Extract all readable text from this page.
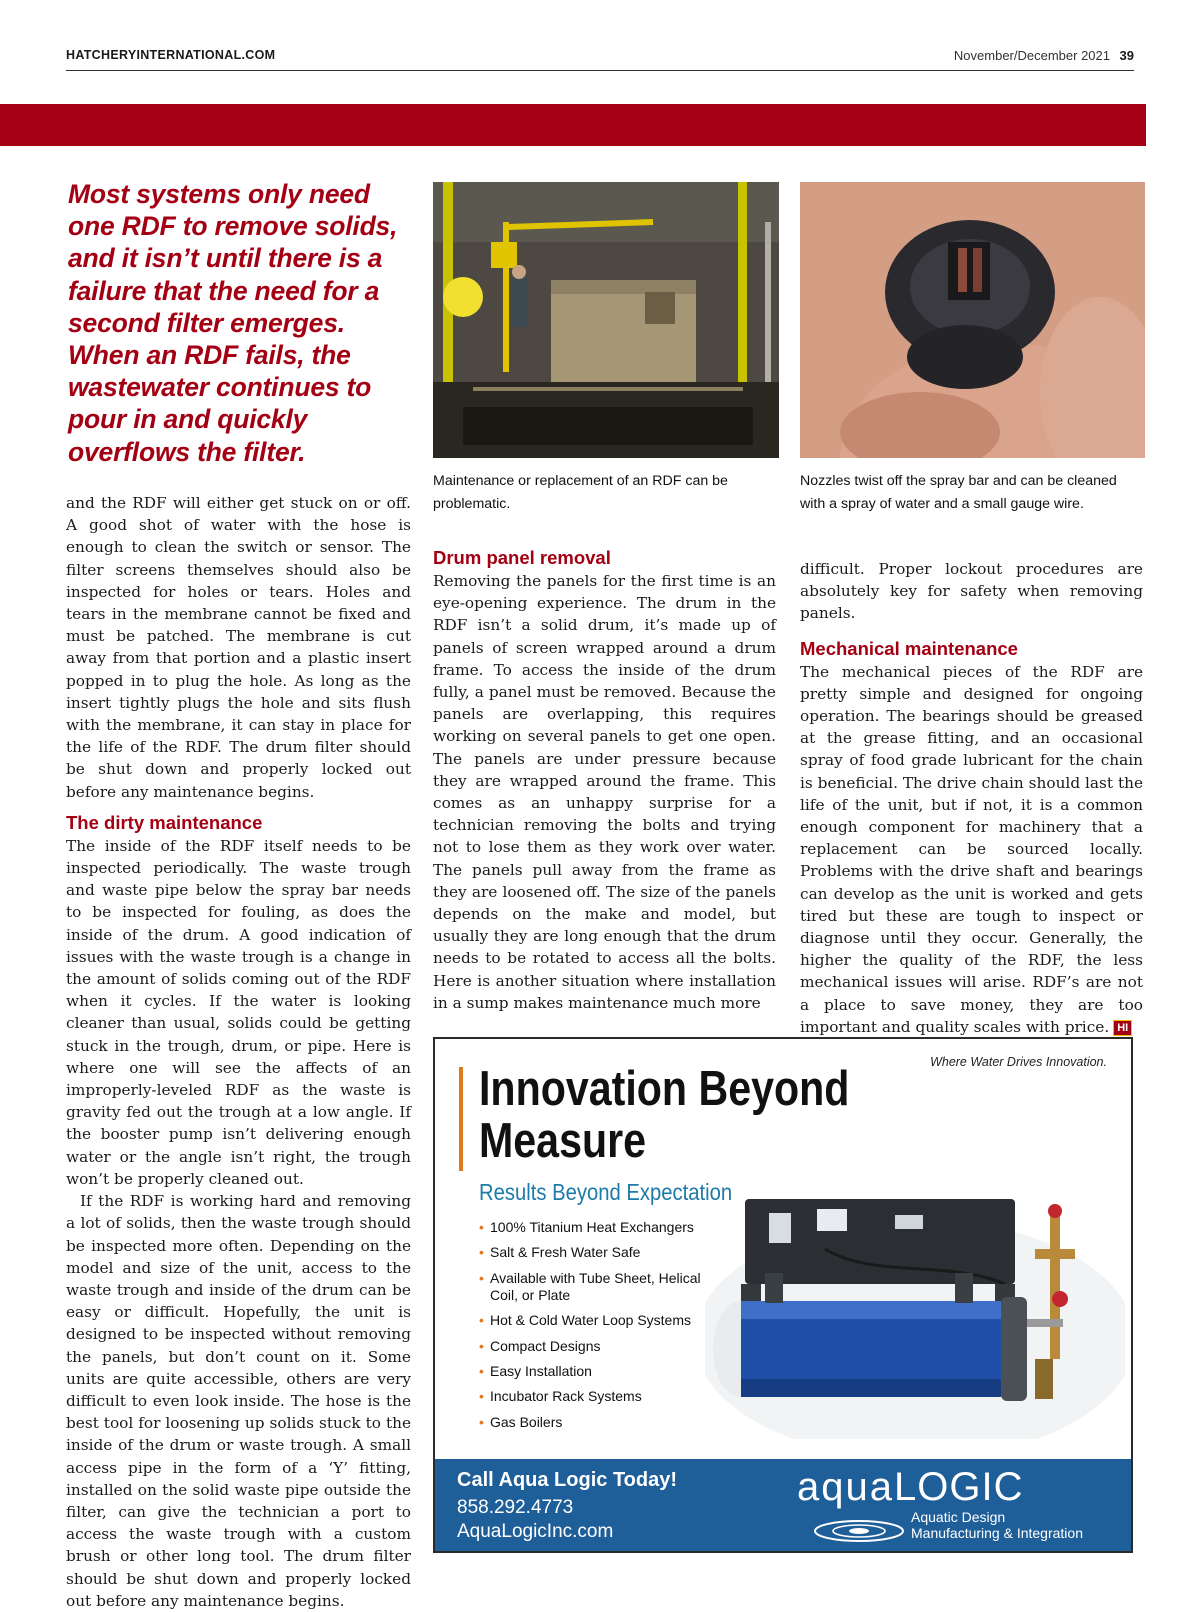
HATCHERYINTERNATIONAL.COM	November/December 2021 39
Most systems only need one RDF to remove solids, and it isn’t until there is a failure that the need for a second filter emerges. When an RDF fails, the wastewater continues to pour in and quickly overflows the filter.
Maintenance or replacement of an RDF can be problematic.
Nozzles twist off the spray bar and can be cleaned with a spray of water and a small gauge wire.

and the RDF will either get stuck on or off. A good shot of water with the hose is enough to clean the switch or sensor. The filter screens themselves should also be inspected for holes or tears. Holes and tears in the membrane cannot be fixed and must be patched. The membrane is cut away from that portion and a plastic insert popped in to plug the hole. As long as the insert tightly plugs the hole and sits flush with the membrane, it can stay in place for the life of the RDF. The drum filter should be shut down and properly locked out before any maintenance begins.

The dirty maintenance

The inside of the RDF itself needs to be inspected periodically. The waste trough and waste pipe below the spray bar needs to be inspected for fouling, as does the inside of the drum. A good indication of issues with the waste trough is a change in the amount of solids coming out of the RDF when it cycles. If the water is looking cleaner than usual, solids could be getting stuck in the trough, drum, or pipe. Here is where one will see the affects of an improperly-leveled RDF as the waste is gravity fed out the trough at a low angle. If the booster pump isn’t delivering enough water or the angle isn’t right, the trough won’t be properly cleaned out.

If the RDF is working hard and removing a lot of solids, then the waste trough should be inspected more often. Depending on the model and size of the unit, access to the waste trough and inside of the drum can be easy or difficult. Hopefully, the unit is designed to be inspected without removing the panels, but don’t count on it. Some units are quite accessible, others are very difficult to even look inside. The hose is the best tool for loosening up solids stuck to the inside of the drum or waste trough. A small access pipe in the form of a ‘Y’ fitting, installed on the solid waste pipe outside the filter, can give the technician a port to access the waste trough with a custom brush or other long tool. The drum filter should be shut down and properly locked out before any maintenance begins.

Drum panel removal

Removing the panels for the first time is an eye-opening experience. The drum in the RDF isn’t a solid drum, it’s made up of panels of screen wrapped around a drum frame. To access the inside of the drum fully, a panel must be removed. Because the panels are overlapping, this requires working on several panels to get one open. The panels are under pressure because they are wrapped around the frame. This comes as an unhappy surprise for a technician removing the bolts and trying not to lose them as they work over water. The panels pull away from the frame as they are loosened off. The size of the panels depends on the make and model, but usually they are long enough that the drum needs to be rotated to access all the bolts. Here is another situation where installation in a sump makes maintenance much more

difficult. Proper lockout procedures are absolutely key for safety when removing panels.

Mechanical maintenance

The mechanical pieces of the RDF are pretty simple and designed for ongoing operation. The bearings should be greased at the grease fitting, and an occasional spray of food grade lubricant for the chain is beneficial. The drive chain should last the life of the unit, but if not, it is a common enough component for machinery that a replacement can be sourced locally. Problems with the drive shaft and bearings can develop as the unit is worked and gets tired but these are tough to inspect or diagnose until they occur. Generally, the higher the quality of the RDF, the less mechanical issues will arise. RDF’s are not a place to save money, they are too important and quality scales with price. HI

Where Water Drives Innovation.
Innovation Beyond
Measure
Results Beyond Expectation
• 100% Titanium Heat Exchangers
• Salt & Fresh Water Safe
• Available with Tube Sheet, Helical Coil, or Plate
• Hot & Cold Water Loop Systems
• Compact Designs
• Easy Installation
• Incubator Rack Systems
• Gas Boilers
Call Aqua Logic Today!
858.292.4773
AquaLogicInc.com
aquaLOGIC
Aquatic Design
Manufacturing & Integration
